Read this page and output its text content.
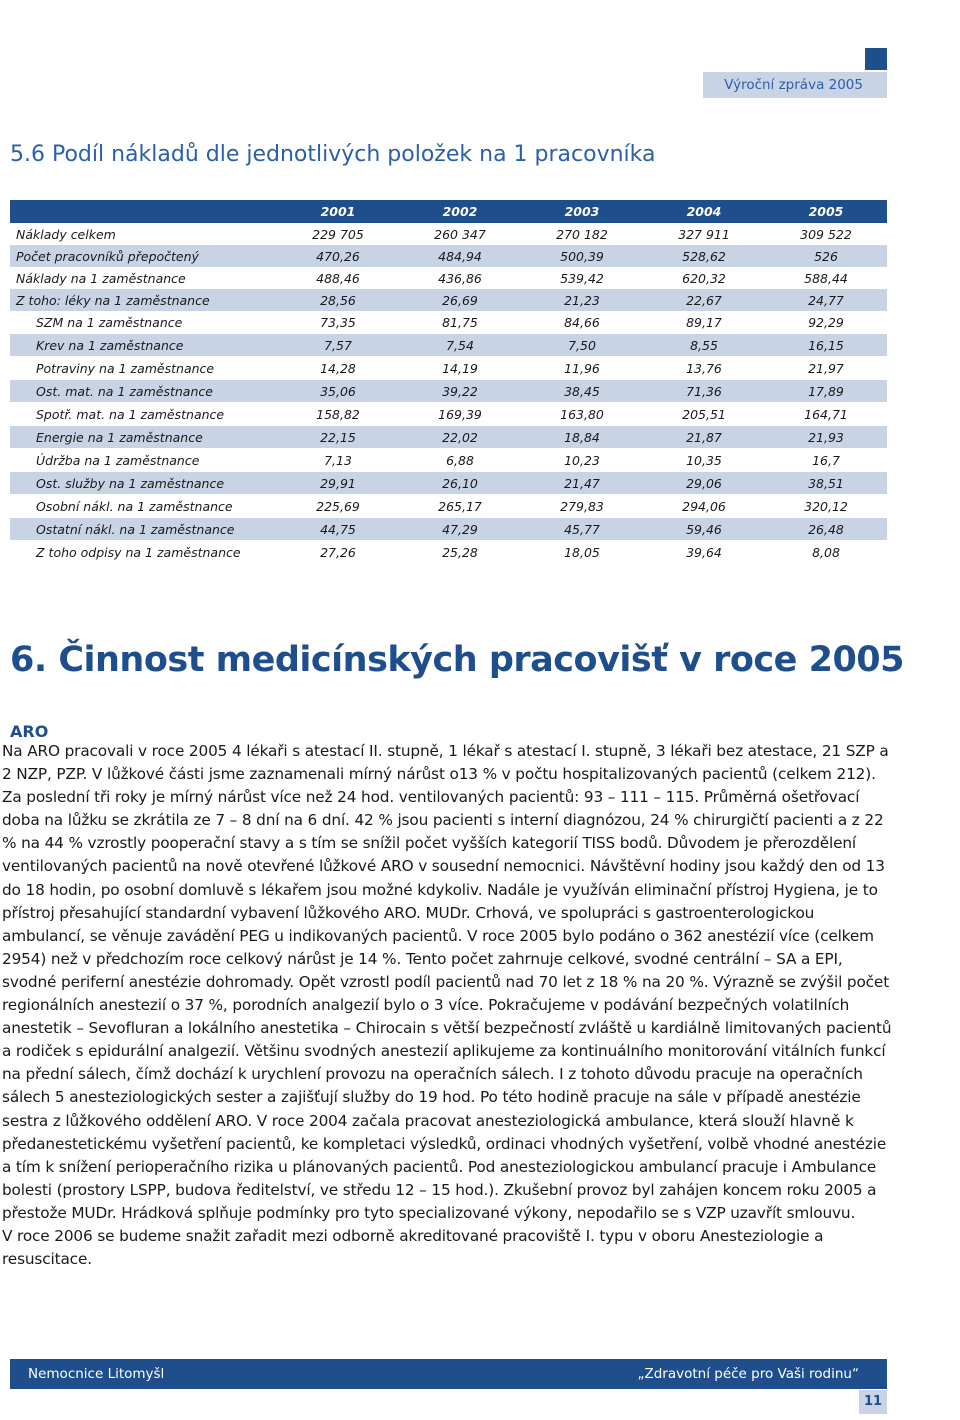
Výroční zpráva 2005
5.6 Podíl nákladů dle jednotlivých položek na 1 pracovníka
	2001	2002	2003	2004	2005
Náklady celkem	229 705	260 347	270 182	327 911	309 522
Počet pracovníků přepočtený	470,26	484,94	500,39	528,62	526
Náklady na 1 zaměstnance	488,46	436,86	539,42	620,32	588,44
Z toho: léky na 1 zaměstnance	28,56	26,69	21,23	22,67	24,77
SZM na 1 zaměstnance	73,35	81,75	84,66	89,17	92,29
Krev na 1 zaměstnance	7,57	7,54	7,50	8,55	16,15
Potraviny na 1 zaměstnance	14,28	14,19	11,96	13,76	21,97
Ost. mat. na 1 zaměstnance	35,06	39,22	38,45	71,36	17,89
Spotř. mat. na 1 zaměstnance	158,82	169,39	163,80	205,51	164,71
Energie na 1 zaměstnance	22,15	22,02	18,84	21,87	21,93
Údržba na 1 zaměstnance	7,13	6,88	10,23	10,35	16,7
Ost. služby na 1 zaměstnance	29,91	26,10	21,47	29,06	38,51
Osobní nákl. na 1 zaměstnance	225,69	265,17	279,83	294,06	320,12
Ostatní nákl. na 1 zaměstnance	44,75	47,29	45,77	59,46	26,48
Z toho odpisy na 1 zaměstnance	27,26	25,28	18,05	39,64	8,08
6. Činnost medicínských pracovišť v roce 2005
ARO

Na ARO pracovali v roce 2005 4 lékaři s atestací II. stupně, 1 lékař s atestací I. stupně, 3 lékaři bez atestace, 21 SZP a 2 NZP, PZP. V lůžkové části jsme zaznamenali mírný nárůst o13 % v počtu hospitalizovaných pacientů (celkem 212). Za poslední tři roky je mírný nárůst více než 24 hod. ventilovaných pacientů: 93 – 111 – 115. Průměrná ošetřovací doba na lůžku se zkrátila ze 7 – 8 dní na 6 dní. 42 % jsou pacienti s interní diagnózou, 24 % chirurgičtí pacienti a z 22 % na 44 % vzrostly pooperační stavy a s tím se snížil počet vyšších kategorií TISS bodů. Důvodem je přerozdělení ventilovaných pacientů na nově otevřené lůžkové ARO v sousední nemocnici. Návštěvní hodiny jsou každý den od 13 do 18 hodin, po osobní domluvě s lékařem jsou možné kdykoliv. Nadále je využíván eliminační přístroj Hygiena, je to přístroj přesahující standardní vybavení lůžkového ARO. MUDr. Crhová, ve spolupráci s gastroenterologickou ambulancí, se věnuje zavádění PEG u indikovaných pacientů. V roce 2005 bylo podáno o 362 anestézií více (celkem 2954) než v předchozím roce celkový nárůst je 14 %. Tento počet zahrnuje celkové, svodné centrální – SA a EPI, svodné periferní anestézie dohromady. Opět vzrostl podíl pacientů nad 70 let z 18 % na 20 %. Výrazně se zvýšil počet regionálních anestezií o 37 %, porodních analgezií bylo o 3 více. Pokračujeme v podávání bezpečných volatilních anestetik – Sevofluran a lokálního anestetika – Chirocain s větší bezpečností zvláště u kardiálně limitovaných pacientů a rodiček s epidurální analgezií. Většinu svodných anestezií aplikujeme za kontinuálního monitorování vitálních funkcí na přední sálech, čímž dochází k urychlení provozu na operačních sálech. I z tohoto důvodu pracuje na operačních sálech 5 anesteziologických sester a zajišťují služby do 19 hod. Po této hodině pracuje na sále v případě anestézie sestra z lůžkového oddělení ARO. V roce 2004 začala pracovat anesteziologická ambulance, která slouží hlavně k předanestetickému vyšetření pacientů, ke kompletaci výsledků, ordinaci vhodných vyšetření, volbě vhodné anestézie a tím k snížení perioperačního rizika u plánovaných pacientů. Pod anesteziologickou ambulancí pracuje i Ambulance bolesti (prostory LSPP, budova ředitelství, ve středu 12 – 15 hod.). Zkušební provoz byl zahájen koncem roku 2005 a přestože MUDr. Hrádková splňuje podmínky pro tyto specializované výkony, nepodařilo se s VZP uzavřít smlouvu.

V roce 2006 se budeme snažit zařadit mezi odborně akreditované pracoviště I. typu v oboru Anesteziologie a resuscitace.

Nemocnice Litomyšl	„Zdravotní péče pro Vaši rodinu“
11
